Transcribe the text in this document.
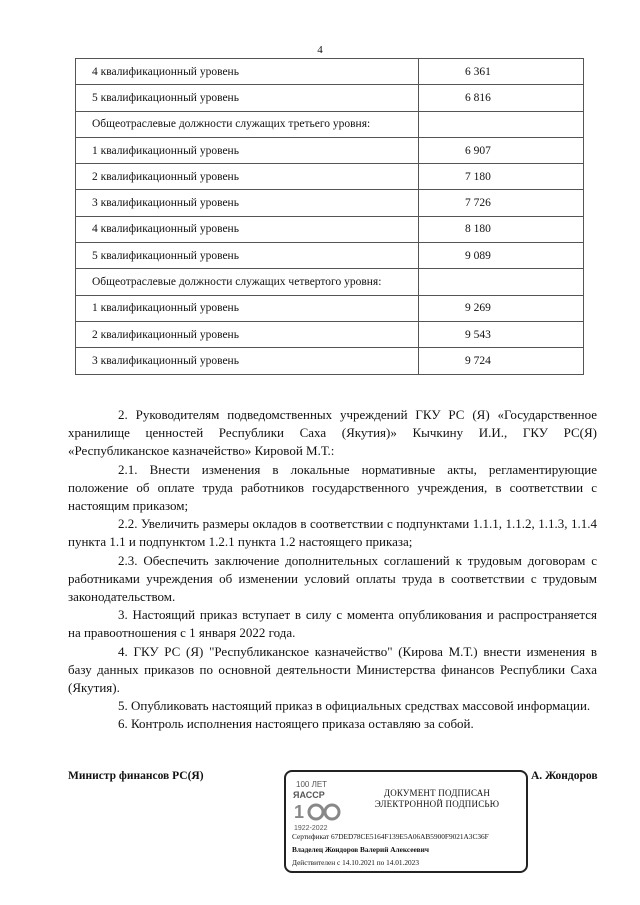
4
4 квалификационный уровень	6 361
5 квалификационный уровень	6 816
Общеотраслевые должности служащих третьего уровня:	
1 квалификационный уровень	6 907
2 квалификационный уровень	7 180
3 квалификационный уровень	7 726
4 квалификационный уровень	8 180
5 квалификационный уровень	9 089
Общеотраслевые должности служащих четвертого уровня:	
1 квалификационный уровень	9 269
2 квалификационный уровень	9 543
3 квалификационный уровень	9 724

2. Руководителям подведомственных учреждений ГКУ РС (Я) «Государственное хранилище ценностей Республики Саха (Якутия)» Кычкину И.И., ГКУ РС(Я) «Республиканское казначейство» Кировой М.Т.:

2.1. Внести изменения в локальные нормативные акты, регламентирующие положение об оплате труда работников государственного учреждения, в соответствии с настоящим приказом;

2.2. Увеличить размеры окладов в соответствии с подпунктами 1.1.1, 1.1.2, 1.1.3, 1.1.4 пункта 1.1 и подпунктом 1.2.1 пункта 1.2 настоящего приказа;

2.3. Обеспечить заключение дополнительных соглашений к трудовым договорам с работниками учреждения об изменении условий оплаты труда в соответствии с трудовым законодательством.

3. Настоящий приказ вступает в силу с момента опубликования и распространяется на правоотношения с 1 января 2022 года.

4. ГКУ РС (Я) "Республиканское казначейство" (Кирова М.Т.) внести изменения в базу данных приказов по основной деятельности Министерства финансов Республики Саха (Якутия).

5. Опубликовать настоящий приказ в официальных средствах массовой информации.

6. Контроль исполнения настоящего приказа оставляю за собой.

Министр финансов РС(Я)	А. Жондоров
100 ЛЕТ
ЯАССР
1
1922-2022
ДОКУМЕНТ ПОДПИСАН
ЭЛЕКТРОННОЙ ПОДПИСЬЮ
Сертификат 67DED78CE5164F139E5A06AB5900F9021A3C36F
Владелец Жондоров Валерий Алексеевич
Действителен с 14.10.2021 по 14.01.2023
